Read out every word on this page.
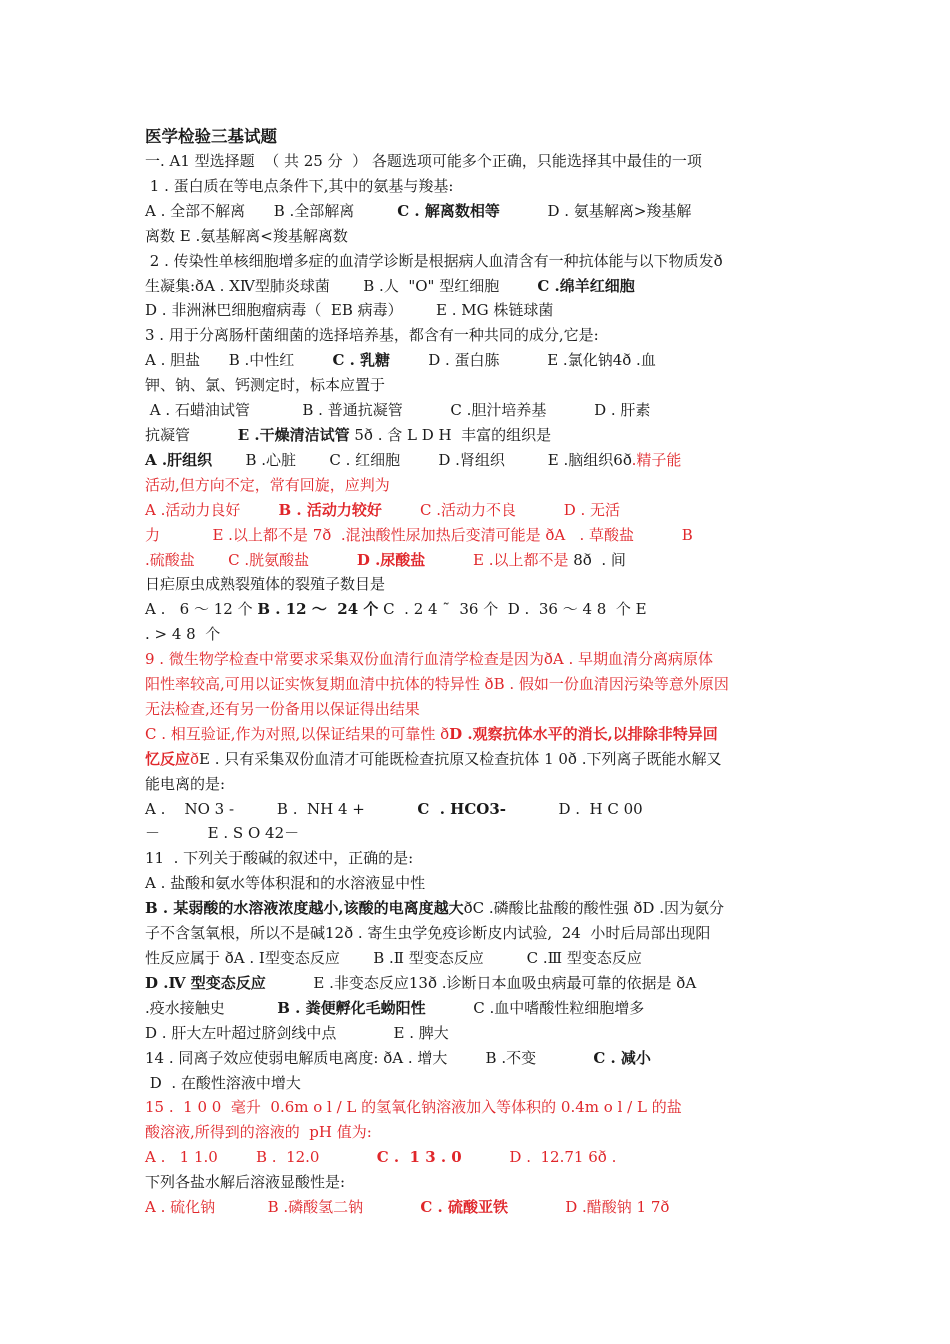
医学检验三基试题

一. A1 型选择题  （ 共 25 分  ） 各题选项可能多个正确，只能选择其中最佳的一项

1 . 蛋白质在等电点条件下,其中的氨基与羧基:

A . 全部不解离      B .全部解离         C . 解离数相等          D . 氨基解离>羧基解

离数 E .氨基解离<羧基解离数

2 . 传染性单核细胞增多症的血清学诊断是根据病人血清含有一种抗体能与以下物质发ð

生凝集:ðA . XⅣ型肺炎球菌       B .人  "O" 型红细胞        C .绵羊红细胞

D . 非洲淋巴细胞瘤病毒（  EB 病毒）       E . MG 株链球菌

3 . 用于分离肠杆菌细菌的选择培养基，都含有一种共同的成分,它是:

A . 胆盐      B .中性红        C . 乳糖        D . 蛋白胨          E .氯化钠4ð .血

钾、钠、氯、钙测定时，标本应置于

A . 石蜡油试管           B . 普通抗凝管          C .胆汁培养基          D . 肝素

抗凝管          E .干燥清洁试管 5ð . 含 L D H  丰富的组织是

A .肝组织       B .心脏       C . 红细胞        D .肾组织         E .脑组织6ð.精子能

活动,但方向不定，常有回旋，应判为

A .活动力良好        B . 活动力较好        C .活动力不良          D . 无活

力           E .以上都不是 7ð  .混浊酸性尿加热后变清可能是 ðA   . 草酸盐          B

.硫酸盐       C .胱氨酸盐          D .尿酸盐          E .以上都不是 8ð  . 间

日疟原虫成熟裂殖体的裂殖子数目是

A .   6 ～ 12 个 B . 12 ～  24 个 C  . 2 4 ˜  36 个  D .  36 ～ 4 8  个 E

. > 4 8  个

9 . 微生物学检查中常要求采集双份血清行血清学检查是因为ðA . 早期血清分离病原体

阳性率较高,可用以证实恢复期血清中抗体的特异性 ðB . 假如一份血清因污染等意外原因

无法检查,还有另一份备用以保证得出结果

C . 相互验证,作为对照,以保证结果的可靠性 ðD .观察抗体水平的消长,以排除非特异回

忆反应ðE . 只有采集双份血清才可能既检查抗原又检查抗体 1 0ð .下列离子既能水解又

能电离的是:

A .    NO 3 -         B .  NH 4 +           C  . HCO3-           D .  H C 00

－          E . S O 42－

11  . 下列关于酸碱的叙述中，正确的是:

A . 盐酸和氨水等体积混和的水溶液显中性

B . 某弱酸的水溶液浓度越小,该酸的电离度越大ðC .磷酸比盐酸的酸性强 ðD .因为氨分

子不含氢氧根，所以不是碱12ð . 寄生虫学免疫诊断皮内试验,  24  小时后局部出现阳

性反应属于 ðA . Ⅰ型变态反应       B .Ⅱ 型变态反应         C .Ⅲ 型变态反应

D .Ⅳ 型变态反应          E .非变态反应13ð .诊断日本血吸虫病最可靠的依据是 ðA

.疫水接触史           B . 粪便孵化毛蚴阳性          C .血中嗜酸性粒细胞增多

D . 肝大左叶超过脐剑线中点            E . 脾大

14 . 同离子效应使弱电解质电离度: ðA . 增大        B .不变            C . 减小

D  . 在酸性溶液中增大

15 .  1 0 0  毫升  0.6m o l / L 的氢氧化钠溶液加入等体积的 0.4m o l / L 的盐

酸溶液,所得到的溶液的  pH 值为:

A .   1 1.0        B .  12.0            C .  1 3 . 0          D .  12.71 6ð .

下列各盐水解后溶液显酸性是:

A . 硫化钠           B .磷酸氢二钠            C . 硫酸亚铁            D .醋酸钠 1 7ð
